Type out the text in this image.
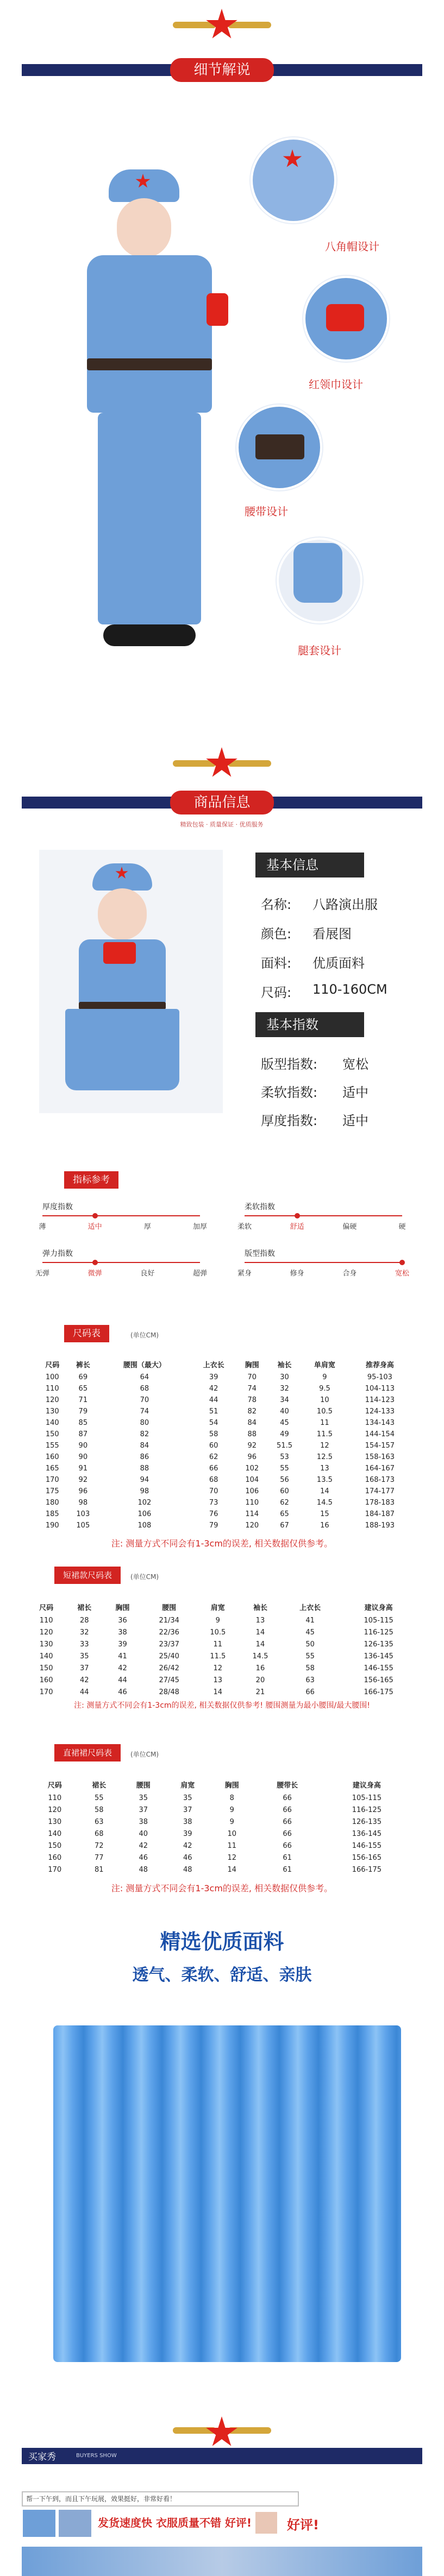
细节解说
八角帽设计
红领巾设计
腰带设计
腿套设计
商品信息
精致包装 · 质量保证 · 优质服务
基本信息
名称: 八路演出服
颜色: 看展图
面料: 优质面料
尺码: 110-160CM
基本指数
版型指数: 宽松
柔软指数: 适中
厚度指数: 适中
指标参考
厚度指数
薄	适中	厚	加厚
柔软指数
柔软	舒适	偏硬	硬
弹力指数
无弹	微弹	良好	超弹
版型指数
紧身	修身	合身	宽松
尺码表	(单位CM)
尺码	裤长	腰围（最大）	上衣长	胸围	袖长	单肩宽	推荐身高
100	69	64	39	70	30	9	95-103
110	65	68	42	74	32	9.5	104-113
120	71	70	44	78	34	10	114-123
130	79	74	51	82	40	10.5	124-133
140	85	80	54	84	45	11	134-143
150	87	82	58	88	49	11.5	144-154
155	90	84	60	92	51.5	12	154-157
160	90	86	62	96	53	12.5	158-163
165	91	88	66	102	55	13	164-167
170	92	94	68	104	56	13.5	168-173
175	96	98	70	106	60	14	174-177
180	98	102	73	110	62	14.5	178-183
185	103	106	76	114	65	15	184-187
190	105	108	79	120	67	16	188-193
注: 测量方式不同会有1-3cm的误差, 相关数据仅供参考。
短裙款尺码表	(单位CM)
尺码	裙长	胸围	腰围	肩宽	袖长	上衣长	建议身高
110	28	36	21/34	9	13	41	105-115
120	32	38	22/36	10.5	14	45	116-125
130	33	39	23/37	11	14	50	126-135
140	35	41	25/40	11.5	14.5	55	136-145
150	37	42	26/42	12	16	58	146-155
160	42	44	27/45	13	20	63	156-165
170	44	46	28/48	14	21	66	166-175
注: 测量方式不同会有1-3cm的误差, 相关数据仅供参考! 腰围测量为最小腰围/最大腰围!
直裙裙尺码表	(单位CM)
尺码	裙长	腰围	肩宽	胸围	腰带长	建议身高
110	55	35	35	8	66	105-115
120	58	37	37	9	66	116-125
130	63	38	38	9	66	126-135
140	68	40	39	10	66	136-145
150	72	42	42	11	66	146-155
160	77	46	46	12	61	156-165
170	81	48	48	14	61	166-175
注: 测量方式不同会有1-3cm的误差, 相关数据仅供参考。
精选优质面料
透气、柔软、舒适、亲肤
买家秀	BUYERS SHOW
帮一下午到，而且下午玩展，效果挺好，非常好看！
发货速度快 衣服质量不错 好评!	好评!
